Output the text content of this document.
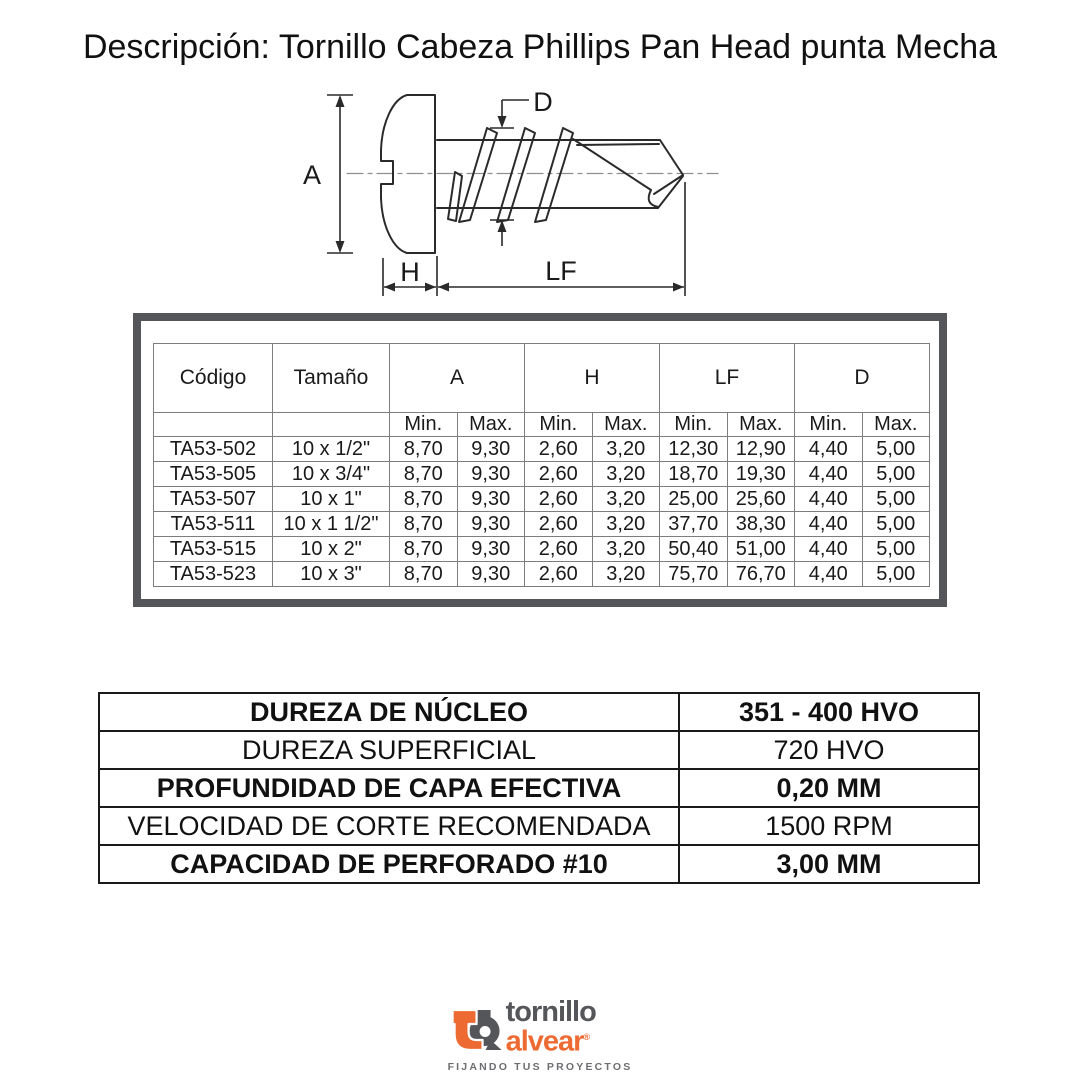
Descripción: Tornillo Cabeza Phillips Pan Head punta Mecha
A
D
H	LF
Código	Tamaño	A		H		LF		D	
		Min.	Max.	Min.	Max.	Min.	Max.	Min.	Max.
TA53-502	10 x 1/2"	8,70	9,30	2,60	3,20	12,30	12,90	4,40	5,00
TA53-505	10 x 3/4"	8,70	9,30	2,60	3,20	18,70	19,30	4,40	5,00
TA53-507	10 x 1"	8,70	9,30	2,60	3,20	25,00	25,60	4,40	5,00
TA53-511	10 x 1 1/2"	8,70	9,30	2,60	3,20	37,70	38,30	4,40	5,00
TA53-515	10 x 2"	8,70	9,30	2,60	3,20	50,40	51,00	4,40	5,00
TA53-523	10 x 3"	8,70	9,30	2,60	3,20	75,70	76,70	4,40	5,00
DUREZA DE NÚCLEO	351 - 400 HVO
DUREZA SUPERFICIAL	720 HVO
PROFUNDIDAD DE CAPA EFECTIVA	0,20 MM
VELOCIDAD DE CORTE RECOMENDADA	1500 RPM
CAPACIDAD DE PERFORADO #10	3,00 MM
tornillo
alvear®
FIJANDO TUS PROYECTOS
